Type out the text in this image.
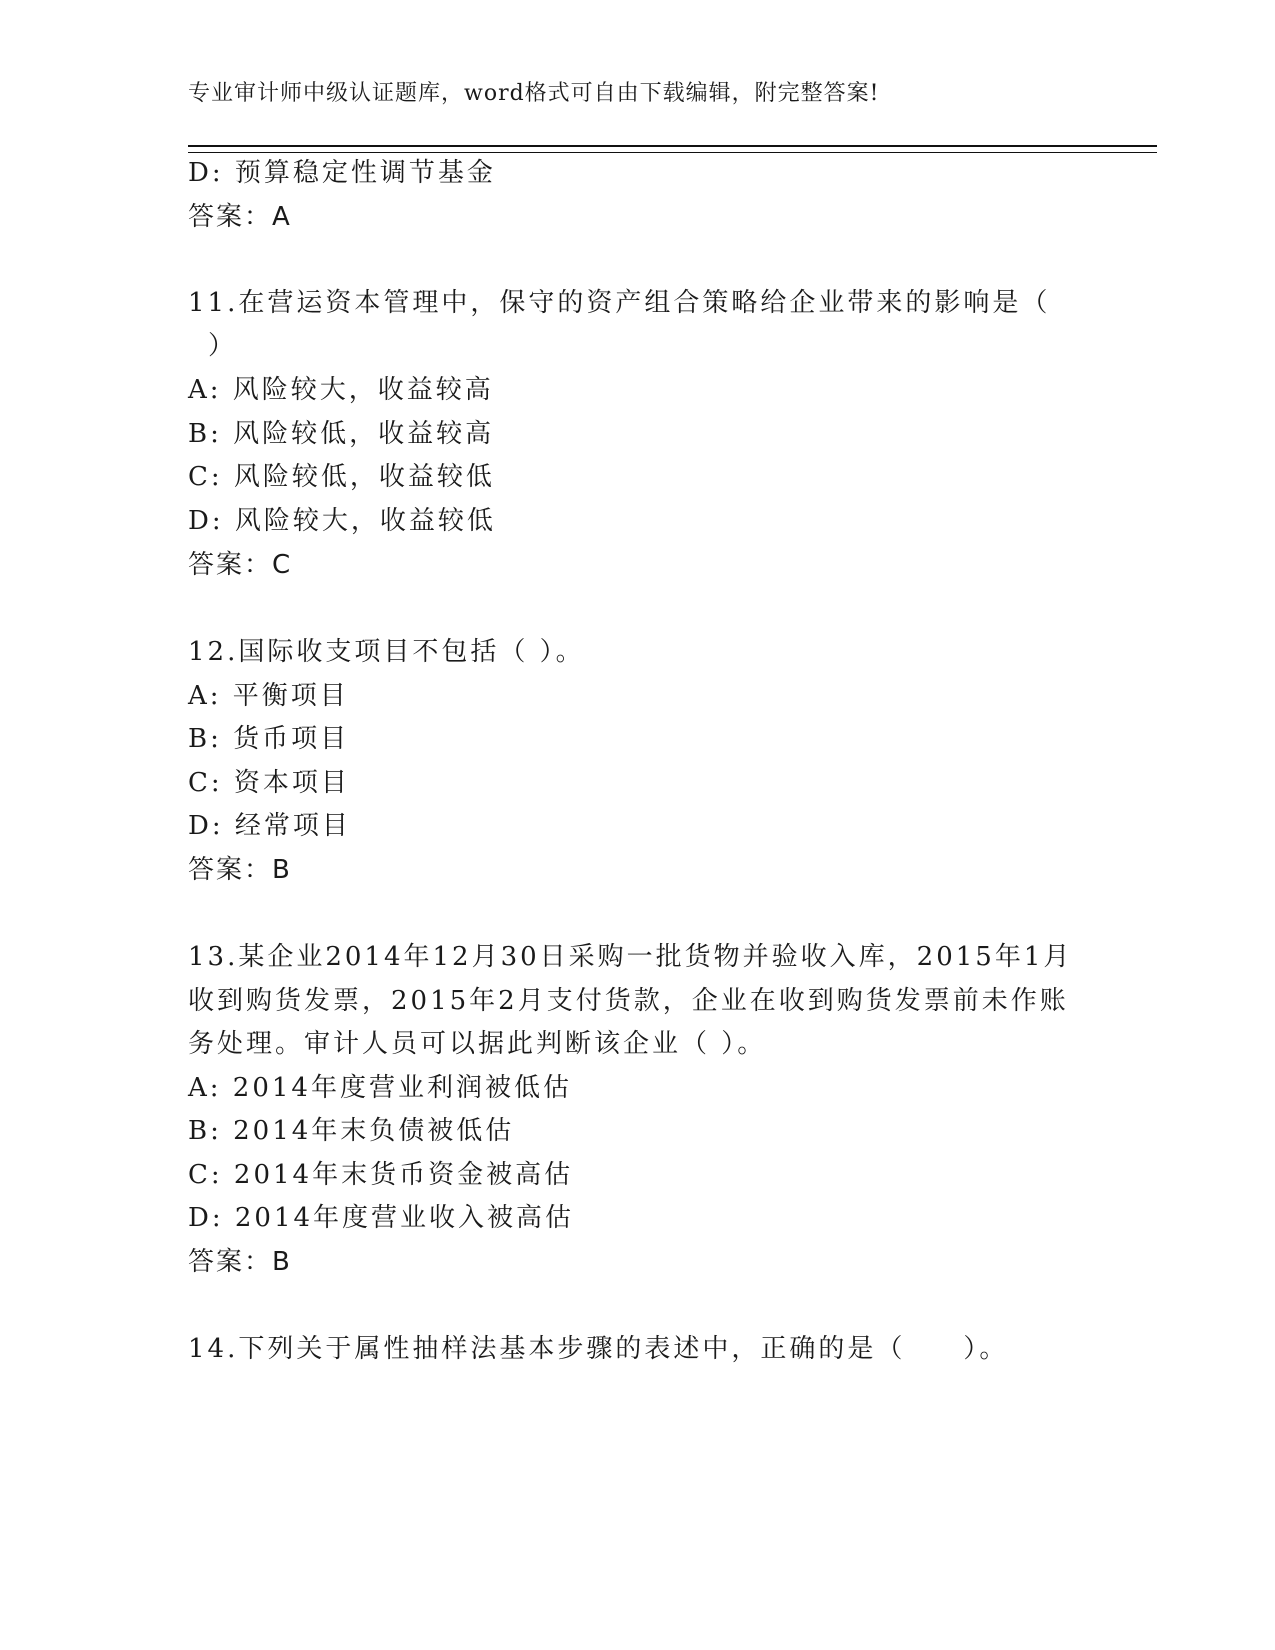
专业审计师中级认证题库，word格式可自由下载编辑，附完整答案!
D: 预算稳定性调节基金
答案：A
11.在营运资本管理中，保守的资产组合策略给企业带来的影响是（
）
A: 风险较大，收益较高
B: 风险较低，收益较高
C: 风险较低，收益较低
D: 风险较大，收益较低
答案：C
12.国际收支项目不包括（ ）。
A: 平衡项目
B: 货币项目
C: 资本项目
D: 经常项目
答案：B
13.某企业2014年12月30日采购一批货物并验收入库，2015年1月
收到购货发票，2015年2月支付货款，企业在收到购货发票前未作账
务处理。审计人员可以据此判断该企业（ ）。
A: 2014年度营业利润被低估
B: 2014年末负债被低估
C: 2014年末货币资金被高估
D: 2014年度营业收入被高估
答案：B
14.下列关于属性抽样法基本步骤的表述中，正确的是（　　）。
